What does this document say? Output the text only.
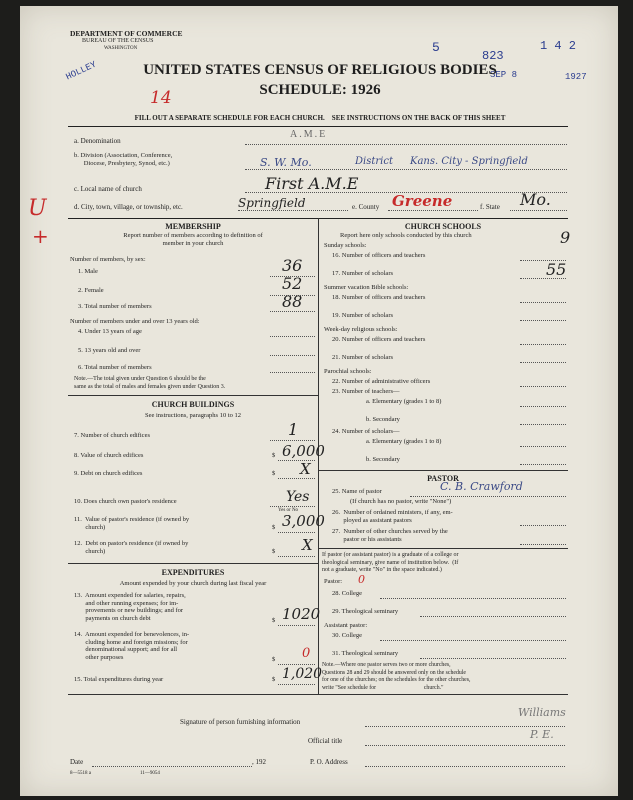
DEPARTMENT OF COMMERCE
BUREAU OF THE CENSUS
WASHINGTON
HOLLEY
5
823
1 4 2
SEP 8	1927
UNITED STATES CENSUS OF RELIGIOUS BODIES
SCHEDULE: 1926
14
FILL OUT A SEPARATE SCHEDULE FOR EACH CHURCH.    SEE INSTRUCTIONS ON THE BACK OF THIS SHEET
a. Denomination
A.M.E
b. Division (Association, Conference,
Diocese, Presbytery, Synod, etc.)	S. W. Mo.	District Kans. City - Springfield
U
+
c. Local name of church	First A.M.E
d. City, town, village, or township, etc.	Springfield	e. County Greene	f. State Mo.
MEMBERSHIP
Report number of members according to definition of
member in your church
Number of members, by sex:
1. Male	36
2. Female	52
3. Total number of members	88
Number of members under and over 13 years old:
4. Under 13 years of age
5. 13 years old and over
6. Total number of members
Note.—The total given under Question 6 should be the
same as the total of males and females given under Question 3.
CHURCH BUILDINGS
See instructions, paragraphs 10 to 12
7. Number of church edifices	1
8. Value of church edifices	$ 6,000
9. Debt on church edifices	$ X
10. Does church own pastor's residence	Yes
Yes or No
11.  Value of pastor's residence (if owned by
church)	$ 3,000
12.  Debt on pastor's residence (if owned by
church)	$ X
EXPENDITURES
Amount expended by your church during last fiscal year
13.  Amount expended for salaries, repairs,
and other running expenses; for im-
provements or new buildings; and for
payments on church debt	$ 1020
14.  Amount expended for benevolences, in-
cluding home and foreign missions; for
denominational support; and for all
other purposes	$ 0
15. Total expenditures during year	$ 1,020
CHURCH SCHOOLS
Report here only schools conducted by this church
Sunday schools:
16. Number of officers and teachers
9
17. Number of scholars	55
Summer vacation Bible schools:
18. Number of officers and teachers
19. Number of scholars
Week-day religious schools:
20. Number of officers and teachers
21. Number of scholars
Parochial schools:
22. Number of administrative officers
23. Number of teachers—
a. Elementary (grades 1 to 8)
b. Secondary
24. Number of scholars—
a. Elementary (grades 1 to 8)
b. Secondary
PASTOR
25. Name of pastor	C. B. Crawford
(If church has no pastor, write "None")
26.  Number of ordained ministers, if any, em-
ployed as assistant pastors
27.  Number of other churches served by the
pastor or his assistants
If pastor (or assistant pastor) is a graduate of a college or
theological seminary, give name of institution below.  (If
not a graduate, write "No" in the space indicated.)
Pastor: 0
28. College
29. Theological seminary
Assistant pastor:
30. College
31. Theological seminary
Note.—Where one pastor serves two or more churches,
Questions 28 and 29 should be answered only on the schedule
for one of the churches; on the schedules for the other churches,
write "See schedule for                                 church."
Signature of person furnishing information
Williams
Official title	P. E.
Date	, 192	P. O. Address
8—5518 a	11—9054
